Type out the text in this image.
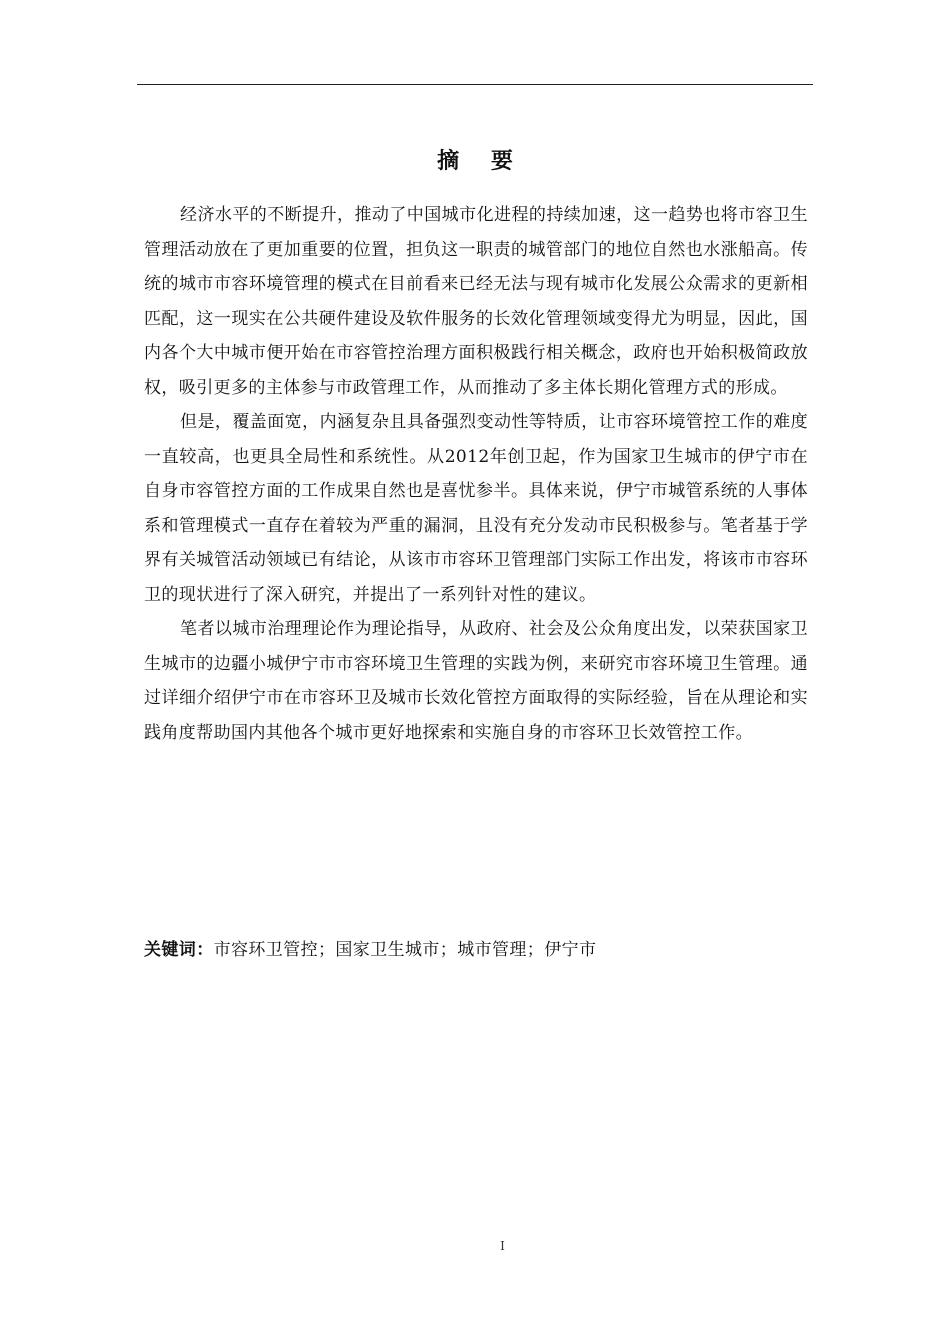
摘 要

经济水平的不断提升，推动了中国城市化进程的持续加速，这一趋势也将市容卫生管理活动放在了更加重要的位置，担负这一职责的城管部门的地位自然也水涨船高。传统的城市市容环境管理的模式在目前看来已经无法与现有城市化发展公众需求的更新相匹配，这一现实在公共硬件建设及软件服务的长效化管理领域变得尤为明显，因此，国内各个大中城市便开始在市容管控治理方面积极践行相关概念，政府也开始积极简政放权，吸引更多的主体参与市政管理工作，从而推动了多主体长期化管理方式的形成。

但是，覆盖面宽，内涵复杂且具备强烈变动性等特质，让市容环境管控工作的难度一直较高，也更具全局性和系统性。从2012年创卫起，作为国家卫生城市的伊宁市在自身市容管控方面的工作成果自然也是喜忧参半。具体来说，伊宁市城管系统的人事体系和管理模式一直存在着较为严重的漏洞，且没有充分发动市民积极参与。笔者基于学界有关城管活动领域已有结论，从该市市容环卫管理部门实际工作出发，将该市市容环卫的现状进行了深入研究，并提出了一系列针对性的建议。

笔者以城市治理理论作为理论指导，从政府、社会及公众角度出发，以荣获国家卫生城市的边疆小城伊宁市市容环境卫生管理的实践为例，来研究市容环境卫生管理。通过详细介绍伊宁市在市容环卫及城市长效化管控方面取得的实际经验，旨在从理论和实践角度帮助国内其他各个城市更好地探索和实施自身的市容环卫长效管控工作。

关键词：市容环卫管控；国家卫生城市；城市管理；伊宁市
I
